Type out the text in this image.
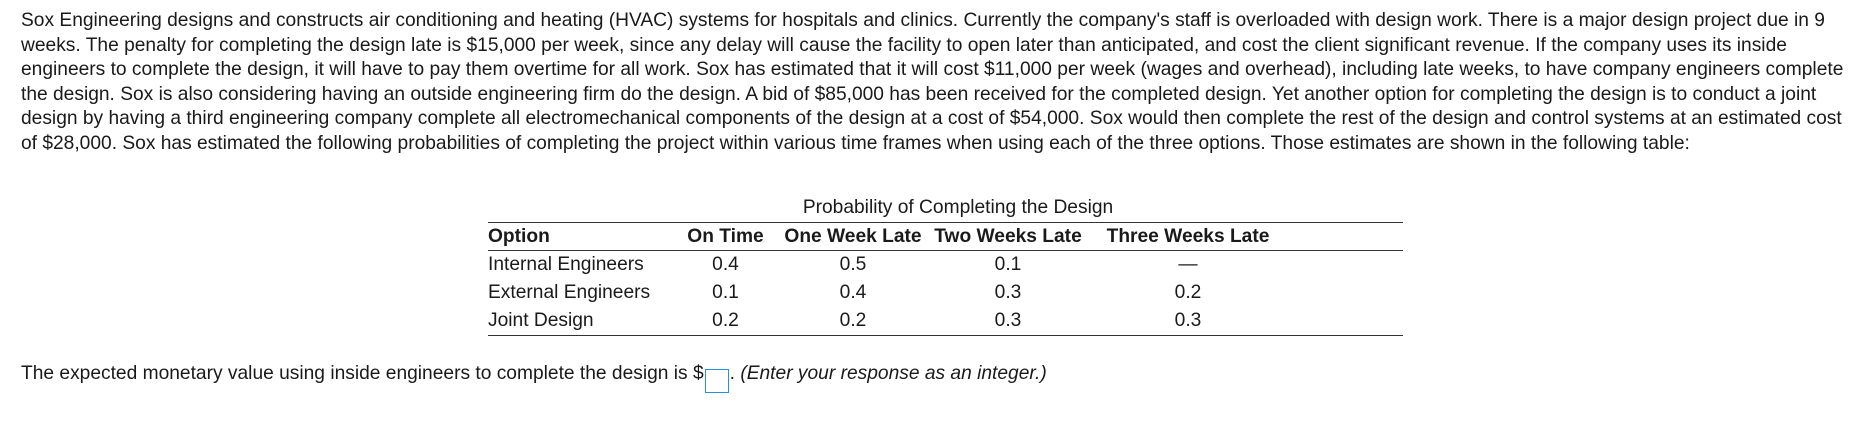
Sox Engineering designs and constructs air conditioning and heating (HVAC) systems for hospitals and clinics. Currently the company's staff is overloaded with design work. There is a major design project due in 9 weeks. The penalty for completing the design late is $15,000 per week, since any delay will cause the facility to open later than anticipated, and cost the client significant revenue. If the company uses its inside engineers to complete the design, it will have to pay them overtime for all work. Sox has estimated that it will cost $11,000 per week (wages and overhead), including late weeks, to have company engineers complete the design. Sox is also considering having an outside engineering firm do the design. A bid of $85,000 has been received for the completed design. Yet another option for completing the design is to conduct a joint design by having a third engineering company complete all electromechanical components of the design at a cost of $54,000. Sox would then complete the rest of the design and control systems at an estimated cost of $28,000. Sox has estimated the following probabilities of completing the project within various time frames when using each of the three options. Those estimates are shown in the following table:

Probability of Completing the Design
Option	On Time	One Week Late	Two Weeks Late	Three Weeks Late	
Internal Engineers	0.4	0.5	0.1	—	
External Engineers	0.1	0.4	0.3	0.2	
Joint Design	0.2	0.2	0.3	0.3	
The expected monetary value using inside engineers to complete the design is $ . (Enter your response as an integer.)
